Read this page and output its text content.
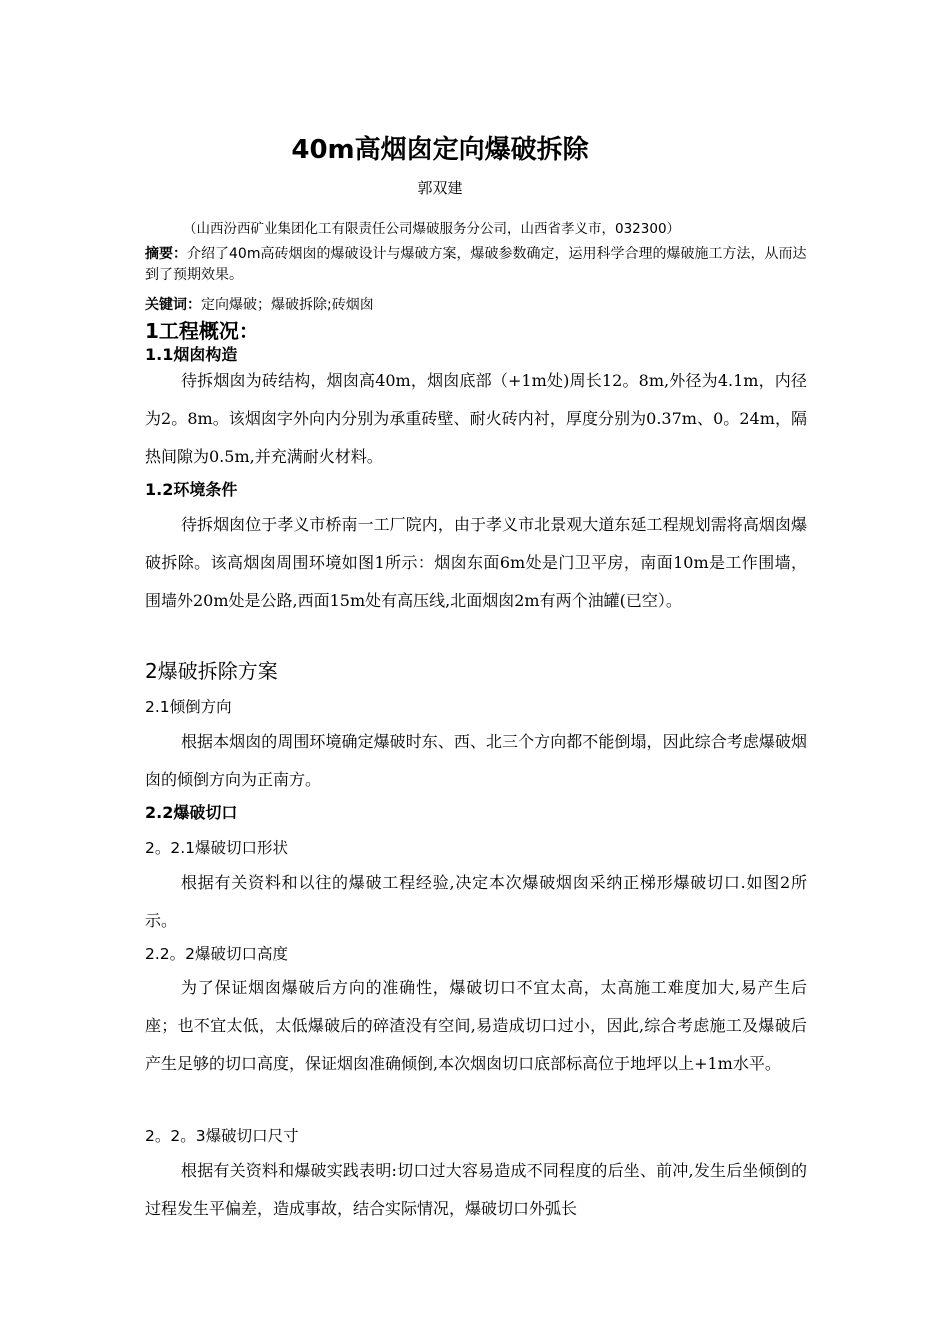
40m高烟囱定向爆破拆除
郭双建
（山西汾西矿业集团化工有限责任公司爆破服务分公司，山西省孝义市，032300）
摘要：介绍了40m高砖烟囱的爆破设计与爆破方案，爆破参数确定，运用科学合理的爆破施工方法，从而达到了预期效果。
关键词：定向爆破；爆破拆除;砖烟囱
1工程概况：
1.1烟囱构造

待拆烟囱为砖结构，烟囱高40m，烟囱底部（+1m处)周长12。8m,外径为4.1m，内径为2。8m。该烟囱字外向内分别为承重砖壁、耐火砖内衬，厚度分别为0.37m、0。24m，隔热间隙为0.5m,并充满耐火材料。

1.2环境条件

待拆烟囱位于孝义市桥南一工厂院内，由于孝义市北景观大道东延工程规划需将高烟囱爆破拆除。该高烟囱周围环境如图1所示：烟囱东面6m处是门卫平房，南面10m是工作围墙，围墙外20m处是公路,西面15m处有高压线,北面烟囱2m有两个油罐(已空）。

2爆破拆除方案
2.1倾倒方向

根据本烟囱的周围环境确定爆破时东、西、北三个方向都不能倒塌，因此综合考虑爆破烟囱的倾倒方向为正南方。

2.2爆破切口
2。2.1爆破切口形状

根据有关资料和以往的爆破工程经验,决定本次爆破烟囱采纳正梯形爆破切口.如图2所示。

2.2。2爆破切口高度

为了保证烟囱爆破后方向的准确性，爆破切口不宜太高，太高施工难度加大,易产生后座；也不宜太低，太低爆破后的碎渣没有空间,易造成切口过小，因此,综合考虑施工及爆破后产生足够的切口高度，保证烟囱准确倾倒,本次烟囱切口底部标高位于地坪以上+1m水平。

2。2。3爆破切口尺寸

根据有关资料和爆破实践表明:切口过大容易造成不同程度的后坐、前冲,发生后坐倾倒的过程发生平偏差，造成事故，结合实际情况，爆破切口外弧长
